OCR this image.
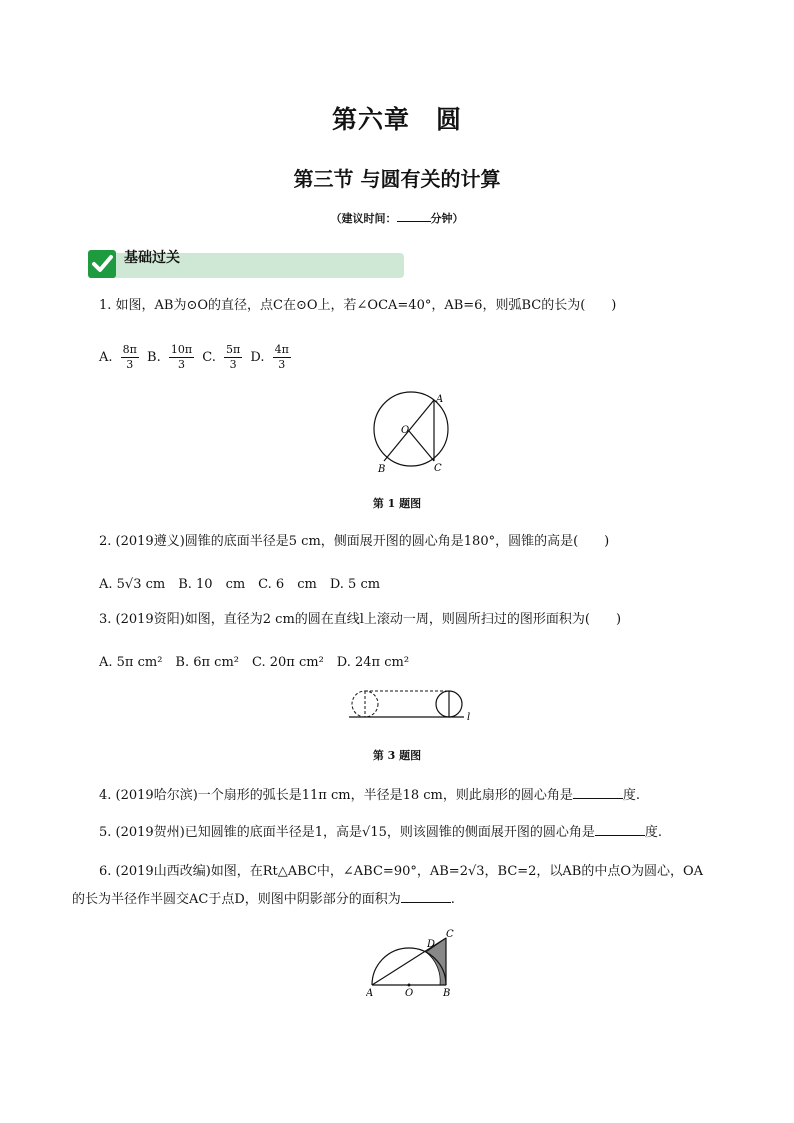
第六章　圆
第三节 与圆有关的计算
（建议时间：	分钟）
基础过关
1. 如图，AB为⊙O的直径，点C在⊙O上，若∠OCA=40°，AB=6，则弧BC的长为(　　)
A. $\frac{8\pi}{3} B$. $\frac{10\pi}{3} C$. $\frac{5\pi}{3} D$. $\frac{4\pi}{3}$
A
O
B	C
第 1 题图
2. (2019遵义)圆锥的底面半径是5 cm，侧面展开图的圆心角是180°，圆锥的高是(　　)
A. 5√3 cm　B. 10　cm　C. 6　cm　D. 5 cm
3. (2019资阳)如图，直径为2 cm的圆在直线l上滚动一周，则圆所扫过的图形面积为(　　)
A. 5π cm²　B. 6π cm²　C. 20π cm²　D. 24π cm²
l
第 3 题图
4. (2019哈尔滨)一个扇形的弧长是11π cm，半径是18 cm，则此扇形的圆心角是	度.
5. (2019贺州)已知圆锥的底面半径是1，高是√15，则该圆锥的侧面展开图的圆心角是	度.
6. (2019山西改编)如图，在Rt△ABC中，∠ABC=90°，AB=2√3，BC=2，以AB的中点O为圆心，OA
的长为半径作半圆交AC于点D，则图中阴影部分的面积为	.
A	O	B
C
D
